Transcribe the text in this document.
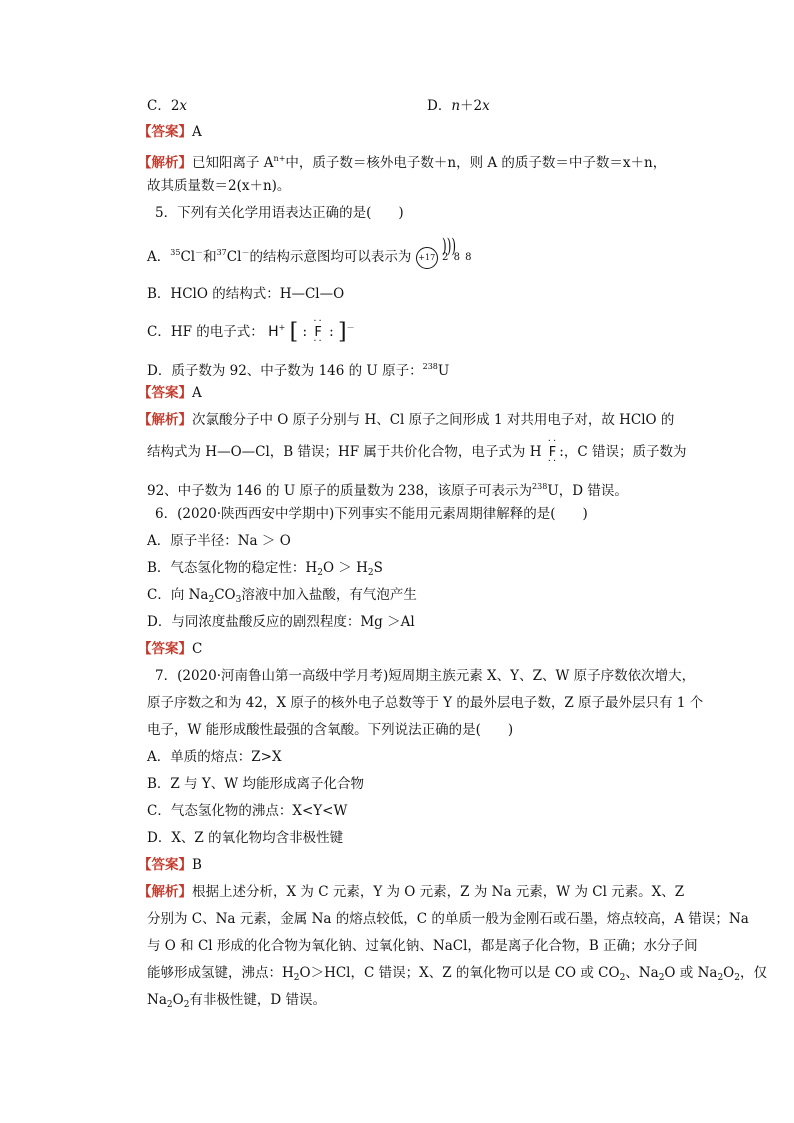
C．2x	D．n＋2x
【答案】A
【解析】已知阳离子 $A^{n+}$中，质子数＝核外电子数＋n，则 A 的质子数＝中子数＝x＋n，
故其质量数＝2(x＋n)。
5．下列有关化学用语表达正确的是(　　)
A．$^{35}$Cl－和$^{37}$Cl－的结构示意图均可以表示为 +17 ))) 2 8 8
B．HClO 的结构式：H—Cl—O
C．HF 的电子式： H+ [ : ·· F ·· : ]－
D．质子数为 92、中子数为 146 的 U 原子：$^{238}$U
【答案】A
【解析】次氯酸分子中 O 原子分别与 H、Cl 原子之间形成 1 对共用电子对，故 HClO 的
结构式为 H—O—Cl，B 错误；HF 属于共价化合物，电子式为 H ·· F ·· :，C 错误；质子数为
92、中子数为 146 的 U 原子的质量数为 238，该原子可表示为$^{238}$U，D 错误。
6．(2020·陕西西安中学期中)下列事实不能用元素周期律解释的是(　　)
A．原子半径：Na ＞ O
B．气态氢化物的稳定性：$H_2O > H_2S$
C．向 $Na_2CO_3$溶液中加入盐酸，有气泡产生
D．与同浓度盐酸反应的剧烈程度：Mg ＞Al
【答案】C
7．(2020·河南鲁山第一高级中学月考)短周期主族元素 X、Y、Z、W 原子序数依次增大，
原子序数之和为 42，X 原子的核外电子总数等于 Y 的最外层电子数，Z 原子最外层只有 1 个
电子，W 能形成酸性最强的含氧酸。下列说法正确的是(　　)
A．单质的熔点：Z>X
B．Z 与 Y、W 均能形成离子化合物
C．气态氢化物的沸点：X<Y<W
D．X、Z 的氧化物均含非极性键
【答案】B
【解析】根据上述分析，X 为 C 元素，Y 为 O 元素，Z 为 Na 元素，W 为 Cl 元素。X、Z
分别为 C、Na 元素，金属 Na 的熔点较低，C 的单质一般为金刚石或石墨，熔点较高，A 错误；Na
与 O 和 Cl 形成的化合物为氧化钠、过氧化钠、NaCl，都是离子化合物，B 正确；水分子间
能够形成氢键，沸点：$H_2O>HCl$，C 错误；X、Z 的氧化物可以是 CO 或 $CO_2$、$Na_2O$ 或 $Na_2O_2$，仅
$Na_2O_2$有非极性键，D 错误。
